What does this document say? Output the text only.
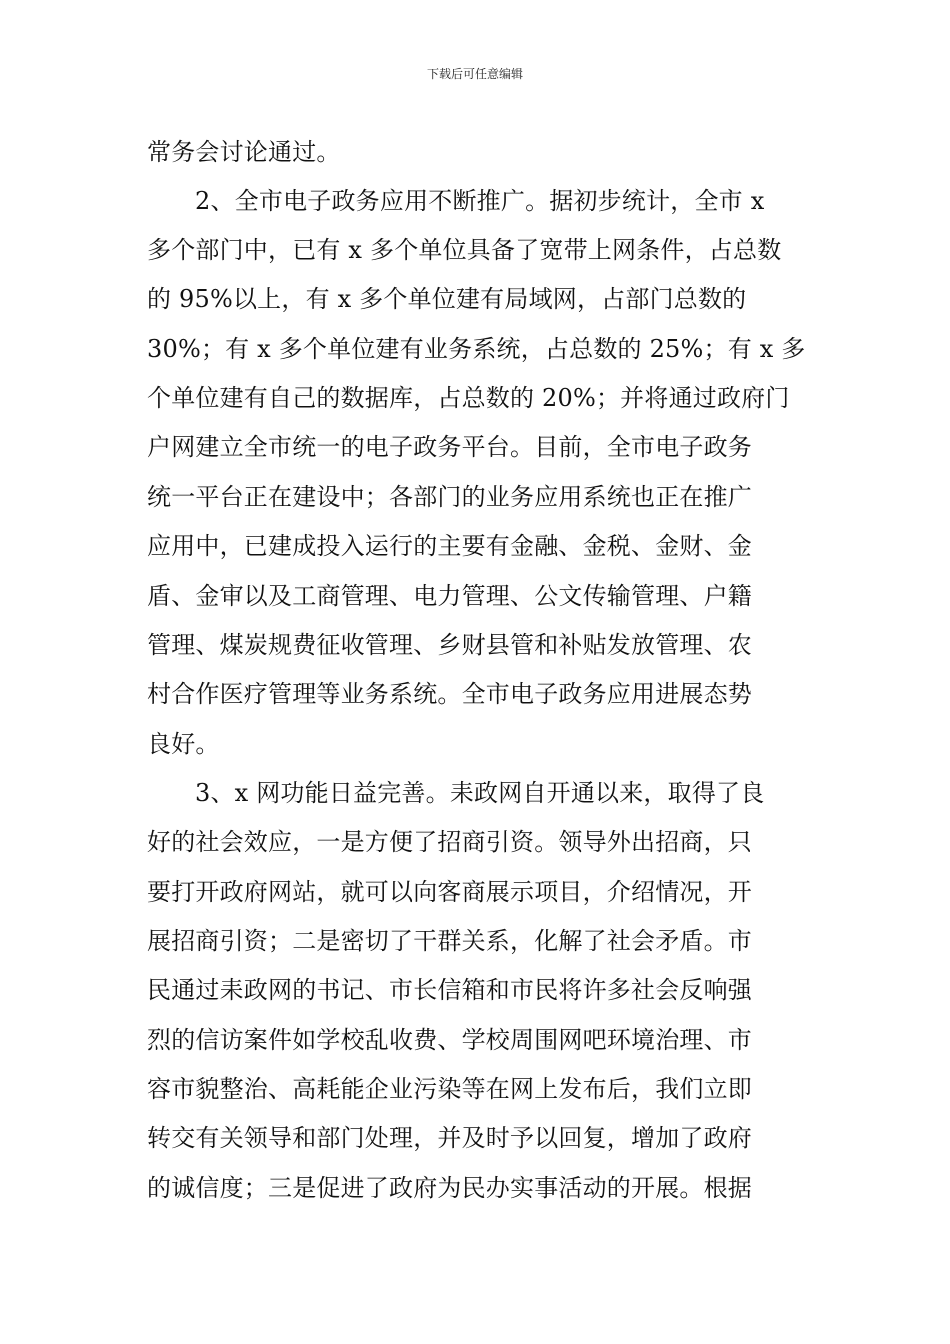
下载后可任意编辑
常务会讨论通过。
2、全市电子政务应用不断推广。据初步统计，全市 x
多个部门中，已有 x 多个单位具备了宽带上网条件，占总数
的 95%以上，有 x 多个单位建有局域网，占部门总数的
30%；有 x 多个单位建有业务系统，占总数的 25%；有 x 多
个单位建有自己的数据库，占总数的 20%；并将通过政府门
户网建立全市统一的电子政务平台。目前，全市电子政务
统一平台正在建设中；各部门的业务应用系统也正在推广
应用中，已建成投入运行的主要有金融、金税、金财、金
盾、金审以及工商管理、电力管理、公文传输管理、户籍
管理、煤炭规费征收管理、乡财县管和补贴发放管理、农
村合作医疗管理等业务系统。全市电子政务应用进展态势
良好。
3、x 网功能日益完善。耒政网自开通以来，取得了良
好的社会效应，一是方便了招商引资。领导外出招商，只
要打开政府网站，就可以向客商展示项目，介绍情况，开
展招商引资；二是密切了干群关系，化解了社会矛盾。市
民通过耒政网的书记、市长信箱和市民将许多社会反响强
烈的信访案件如学校乱收费、学校周围网吧环境治理、市
容市貌整治、高耗能企业污染等在网上发布后，我们立即
转交有关领导和部门处理，并及时予以回复，增加了政府
的诚信度；三是促进了政府为民办实事活动的开展。根据
